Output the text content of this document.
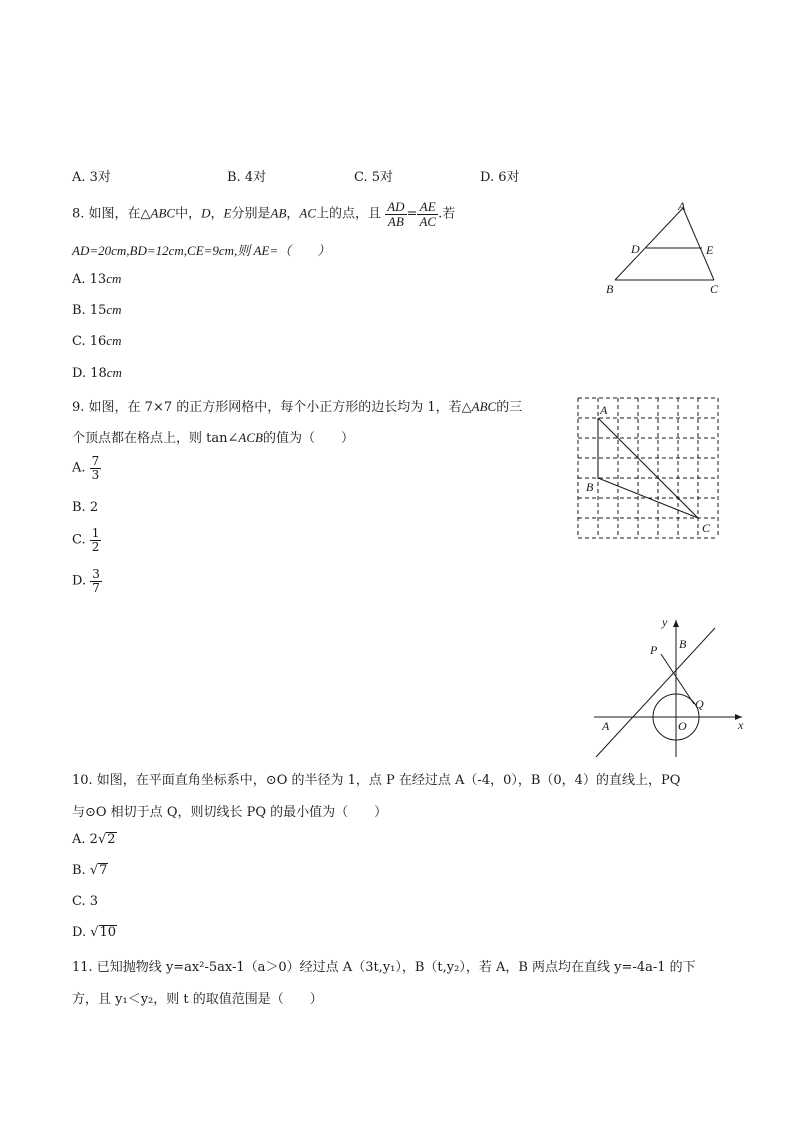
A. 3对	B. 4对	C. 5对	D. 6对
8. 如图，在△ABC中，D，E分别是AB，AC上的点，且 $\frac{AD}{AB} = \frac{AE}{AC}$ .若
AD=20cm,BD=12cm,CE=9cm,则 AE=（　　）
A. 13cm
B. 15cm
C. 16cm
D. 18cm
A
D	E
B	C
9. 如图，在 7×7 的正方形网格中，每个小正方形的边长均为 1，若△ABC的三
个顶点都在格点上，则 tan∠ACB的值为（　　）
A. $\frac{7}{3}$
B. 2
C. $\frac{1}{2}$
D. $\frac{3}{7}$
A
B
C
y
x
P B
Q
A	O
10. 如图，在平面直角坐标系中，⊙O 的半径为 1，点 P 在经过点 A（-4，0），B（0，4）的直线上，PQ
与⊙O 相切于点 Q，则切线长 PQ 的最小值为（　　）
A. 2√2
B. √7
C. 3
D. √10
11. 已知抛物线 y=ax²-5ax-1（a＞0）经过点 A（3t,y₁），B（t,y₂），若 A，B 两点均在直线 y=-4a-1 的下
方，且 y₁＜y₂，则 t 的取值范围是（　　）
